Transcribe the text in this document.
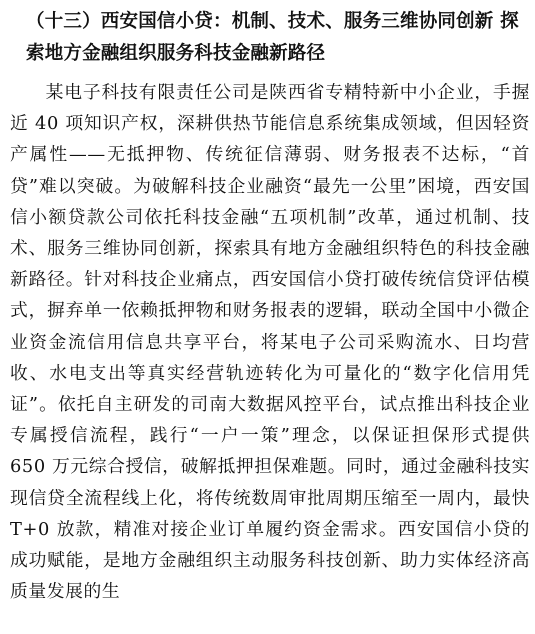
（十三）西安国信小贷：机制、技术、服务三维协同创新 探
索地方金融组织服务科技金融新路径

某电子科技有限责任公司是陕西省专精特新中小企业，手握近 40 项知识产权，深耕供热节能信息系统集成领域，但因轻资产属性——无抵押物、传统征信薄弱、财务报表不达标，“首贷”难以突破。为破解科技企业融资“最先一公里”困境，西安国信小额贷款公司依托科技金融“五项机制”改革，通过机制、技术、服务三维协同创新，探索具有地方金融组织特色的科技金融新路径。针对科技企业痛点，西安国信小贷打破传统信贷评估模式，摒弃单一依赖抵押物和财务报表的逻辑，联动全国中小微企业资金流信用信息共享平台，将某电子公司采购流水、日均营收、水电支出等真实经营轨迹转化为可量化的“数字化信用凭证”。依托自主研发的司南大数据风控平台，试点推出科技企业专属授信流程，践行“一户一策”理念，以保证担保形式提供 650 万元综合授信，破解抵押担保难题。同时，通过金融科技实现信贷全流程线上化，将传统数周审批周期压缩至一周内，最快 T+0 放款，精准对接企业订单履约资金需求。西安国信小贷的成功赋能，是地方金融组织主动服务科技创新、助力实体经济高质量发展的生
